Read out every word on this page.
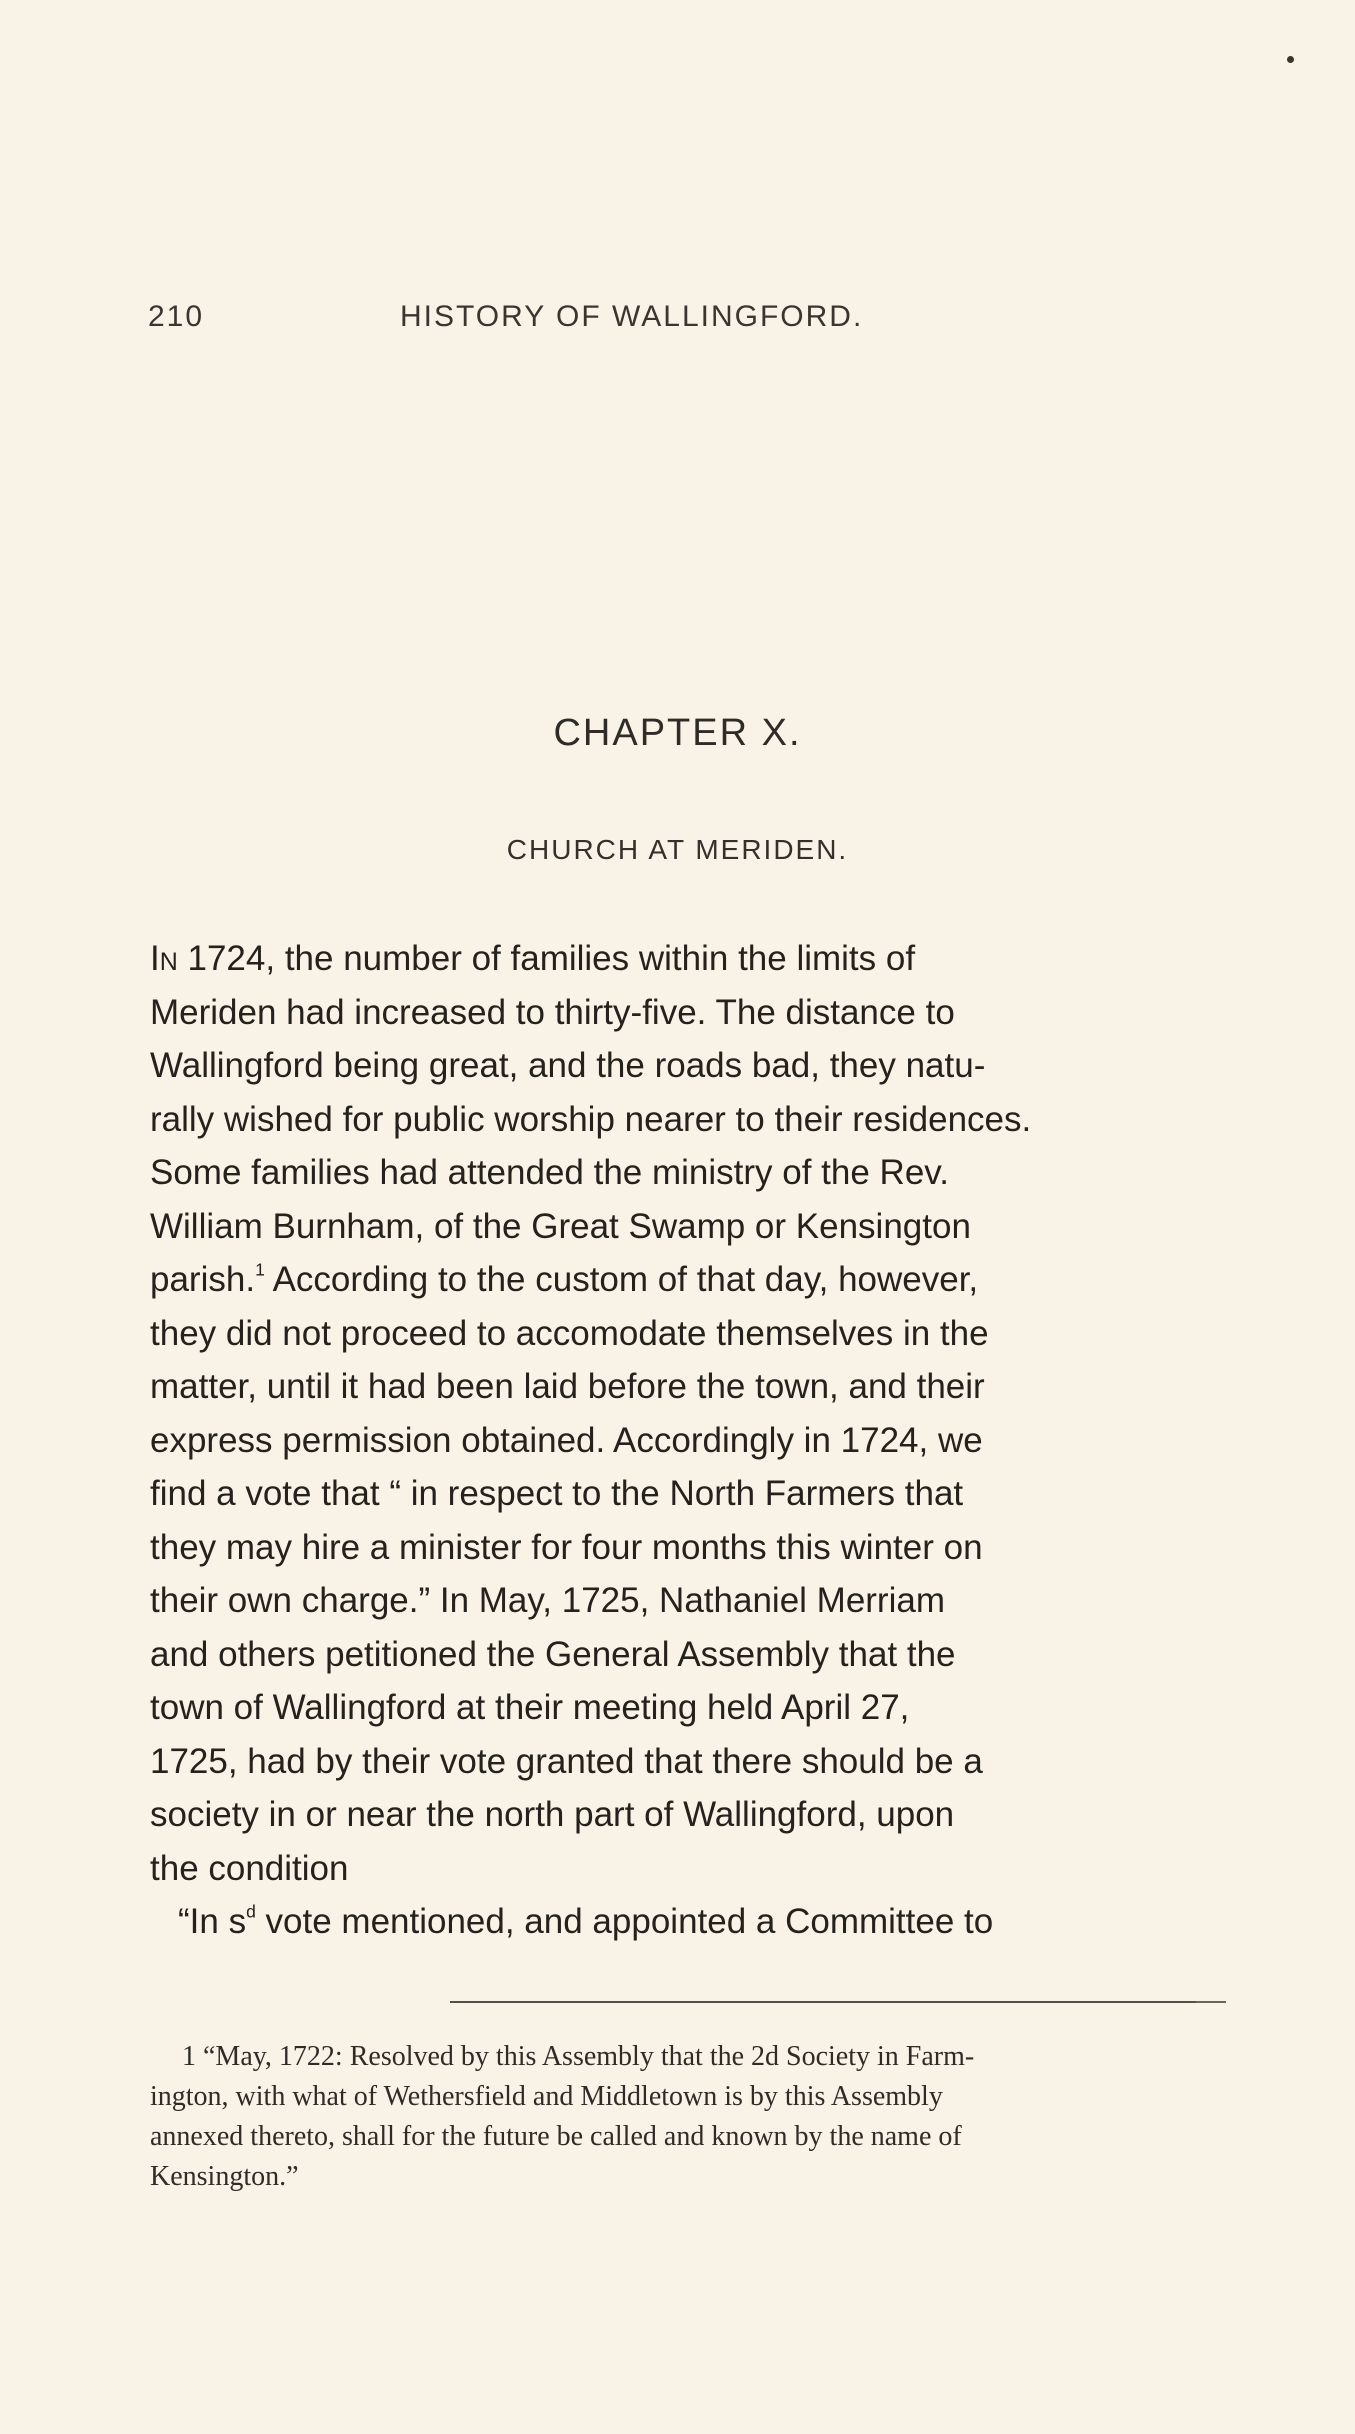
210	HISTORY OF WALLINGFORD.
CHAPTER X.
CHURCH AT MERIDEN.
In 1724, the number of families within the limits of
Meriden had increased to thirty-five. The distance to
Wallingford being great, and the roads bad, they natu-
rally wished for public worship nearer to their residences.
Some families had attended the ministry of the Rev.
William Burnham, of the Great Swamp or Kensington
parish.$^1$ According to the custom of that day, however,
they did not proceed to accomodate themselves in the
matter, until it had been laid before the town, and their
express permission obtained. Accordingly in 1724, we
find a vote that “ in respect to the North Farmers that
they may hire a minister for four months this winter on
their own charge.” In May, 1725, Nathaniel Merriam
and others petitioned the General Assembly that the
town of Wallingford at their meeting held April 27,
1725, had by their vote granted that there should be a
society in or near the north part of Wallingford, upon
the condition
“In $s^d$ vote mentioned, and appointed a Committee to
1 “May, 1722: Resolved by this Assembly that the 2d Society in Farm-
ington, with what of Wethersfield and Middletown is by this Assembly
annexed thereto, shall for the future be called and known by the name of
Kensington.”
